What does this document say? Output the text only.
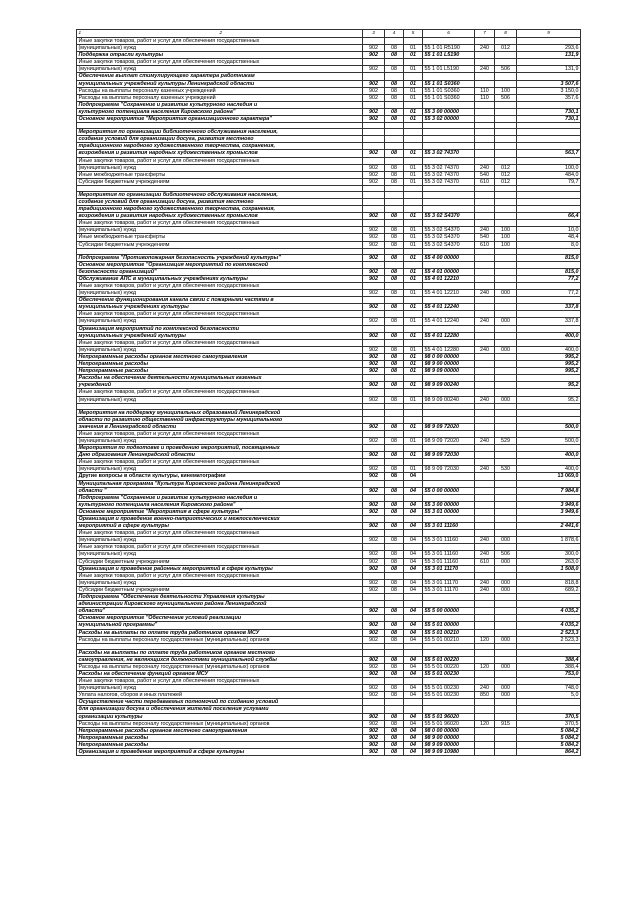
1 2	3	4	5	6	7	8	9
Иные закупки товаров, работ и услуг для обеспечения государственных							
(муниципальных) нужд	902	08	01	55 1 01 R5190	240	012	293,6
Поддержка отрасли культуры	902	08	01	55 1 01 L5190			131,9
Иные закупки товаров, работ и услуг для обеспечения государственных							
(муниципальных) нужд	902	08	01	55 1 01 L5190	240	506	131,9
Обеспечение выплат стимулирующего характера работникам							
муниципальных учреждений культуры Ленинградской области	902	08	01	55 1 01 S0360			3 507,6
Расходы на выплаты персоналу казенных учреждений	902	08	01	55 1 01 S0360	110	100	3 150,0
Расходы на выплаты персоналу казенных учреждений	902	08	01	55 1 01 S0360	110	506	357,6
Подпрограмма "Сохранение и развитие культурного наследия и							
культурного потенциала населения Кировского района"	902	08	01	55 3 00 00000			730,1
Основное мероприятие "Мероприятия организационного характера"	902	08	01	55 3 02 00000			730,1

Мероприятия по организации библиотечного обслуживания населения,							
создание условий для организации досуга, развития местного							
традиционного народного художественного творчества, сохранения,							
возрождения и развития народных художественных промыслов	902	08	01	55 3 02 74370			563,7
Иные закупки товаров, работ и услуг для обеспечения государственных							
(муниципальных) нужд	902	08	01	55 3 02 74370	240	012	100,0
Иные межбюджетные трансферты	902	08	01	55 3 02 74370	540	012	484,0
Субсидии бюджетным учреждениям	902	08	01	55 3 02 74370	610	012	79,7

Мероприятия по организации библиотечного обслуживания населения,							
создание условий для организации досуга, развития местного							
традиционного народного художественного творчества, сохранения,							
возрождения и развития народных художественных промыслов	902	08	01	55 3 02 S4370			66,4
Иные закупки товаров, работ и услуг для обеспечения государственных							
(муниципальных) нужд	902	08	01	55 3 02 S4370	240	100	10,0
Иные межбюджетные трансферты	902	08	01	55 3 02 S4370	540	100	48,4
Субсидии бюджетным учреждениям	902	08	01	55 3 02 S4370	610	100	8,0

Подпрограмма "Противопожарная безопасность учреждений культуры"	902	08	01	55 4 00 00000			815,0
Основное мероприятие "Организация мероприятий по комплексной							
безопасности организаций"	902	08	01	55 4 01 00000			815,0
Обслуживание АПС в муниципальных учреждениях культуры	902	08	01	55 4 01 12210			77,2
Иные закупки товаров, работ и услуг для обеспечения государственных							
(муниципальных) нужд	902	08	01	55 4 01 12210	240	000	77,2
Обеспечение функционирования канала связи с пожарными частями в							
муниципальных учреждениях культуры	902	08	01	55 4 01 12240			337,8
Иные закупки товаров, работ и услуг для обеспечения государственных							
(муниципальных) нужд	902	08	01	55 4 01 12240	240	000	337,8
Организация мероприятий по комплексной безопасности							
муниципальных учреждений культуры	902	08	01	55 4 01 12280			400,0
Иные закупки товаров, работ и услуг для обеспечения государственных							
(муниципальных) нужд	902	08	01	55 4 01 12280	240	000	400,0
Непрограммные расходы органов местного самоуправления	902	08	01	98 0 00 00000			995,2
Непрограммные расходы	902	08	01	98 9 00 00000			995,2
Непрограммные расходы	902	08	01	98 9 09 00000			995,2
Расходы на обеспечение деятельности муниципальных казенных							
учреждений	902	08	01	98 9 09 00240			95,2
Иные закупки товаров, работ и услуг для обеспечения государственных							
(муниципальных) нужд	902	08	01	98 9 09 00240	240	000	95,2

Мероприятия на поддержку муниципальных образований Ленинградской							
области по развитию общественной инфраструктуры муниципального							
значения в Ленинградской области	902	08	01	98 9 09 72020			500,0
Иные закупки товаров, работ и услуг для обеспечения государственных							
(муниципальных) нужд	902	08	01	98 9 09 72020	240	529	500,0
Мероприятия по подготовке и проведению мероприятий, посвященных							
Дню образования Ленинградской области	902	08	01	98 9 09 72030			400,0
Иные закупки товаров, работ и услуг для обеспечения государственных							
(муниципальных) нужд	902	08	01	98 9 09 72030	240	530	400,0
Другие вопросы в области культуры, кинематографии	902	08	04				13 069,0
Муниципальная программа "Культура Кировского района Ленинградской							
области "	902	08	04	55 0 00 00000			7 984,8
Подпрограмма "Сохранение и развитие культурного наследия и							
культурного потенциала населения Кировского района"	902	08	04	55 3 00 00000			3 949,6
Основное мероприятие "Мероприятия в сфере культуры"	902	08	04	55 3 01 00000			3 949,6
Организация и проведение военно-патриотических и межпоселенческих							
мероприятий в сфере культуры	902	08	04	55 3 01 11160			2 441,6
Иные закупки товаров, работ и услуг для обеспечения государственных							
(муниципальных) нужд	902	08	04	55 3 01 11160	240	000	1 878,6
Иные закупки товаров, работ и услуг для обеспечения государственных							
(муниципальных) нужд	902	08	04	55 3 01 11160	240	506	300,0
Субсидии бюджетным учреждениям	902	08	04	55 3 01 11160	610	000	263,0
Организация и проведение районных мероприятий в сфере культуры	902	08	04	55 3 01 11170			1 508,0
Иные закупки товаров, работ и услуг для обеспечения государственных							
(муниципальных) нужд	902	08	04	55 3 01 11170	240	000	818,8
Субсидии бюджетным учреждениям	902	08	04	55 3 01 11170	240	000	689,2
Подпрограмма "Обеспечение деятельности Управления культуры							
администрации Кировского муниципального района Ленинградской							
области"	902	08	04	55 5 00 00000			4 035,2
Основное мероприятие "Обеспечение условий реализации							
муниципальной программы"	902	08	04	55 5 01 00000			4 035,2
Расходы на выплаты по оплате труда работников органов МСУ	902	08	04	55 5 01 00210			2 523,3
Расходы на выплаты персоналу государственных (муниципальных) органов	902	08	04	55 5 01 00210	120	000	2 523,3

Расходы на выплаты по оплате труда работников органов местного							
самоуправления, не являющихся должностями муниципальной службы	902	08	04	55 5 01 00220			388,4
Расходы на выплаты персоналу государственных (муниципальных) органов	902	08	04	55 5 01 00220	120	000	388,4
Расходы на обеспечение функций органов МСУ	902	08	04	55 5 01 00230			753,0
Иные закупки товаров, работ и услуг для обеспечения государственных							
(муниципальных) нужд	902	08	04	55 5 01 00230	240	000	748,0
Уплата налогов, сборов и иных платежей	902	08	04	55 5 01 00230	850	000	5,0
Осуществление части передаваемых полномочий по созданию условий							
для организации досуга и обеспечения жителей поселения услугами							
организации культуры	902	08	04	55 5 01 96020			370,5
Расходы на выплаты персоналу государственных (муниципальных) органов	902	08	04	55 5 01 96020	120	915	370,5
Непрограммные расходы органов местного самоуправления	902	08	04	98 0 00 00000			5 084,2
Непрограммные расходы	902	08	04	98 9 00 00000			5 084,2
Непрограммные расходы	902	08	04	98 9 09 00000			5 084,2
Организация и проведение мероприятий в сфере культуры	902	08	04	98 9 09 10980			864,2
